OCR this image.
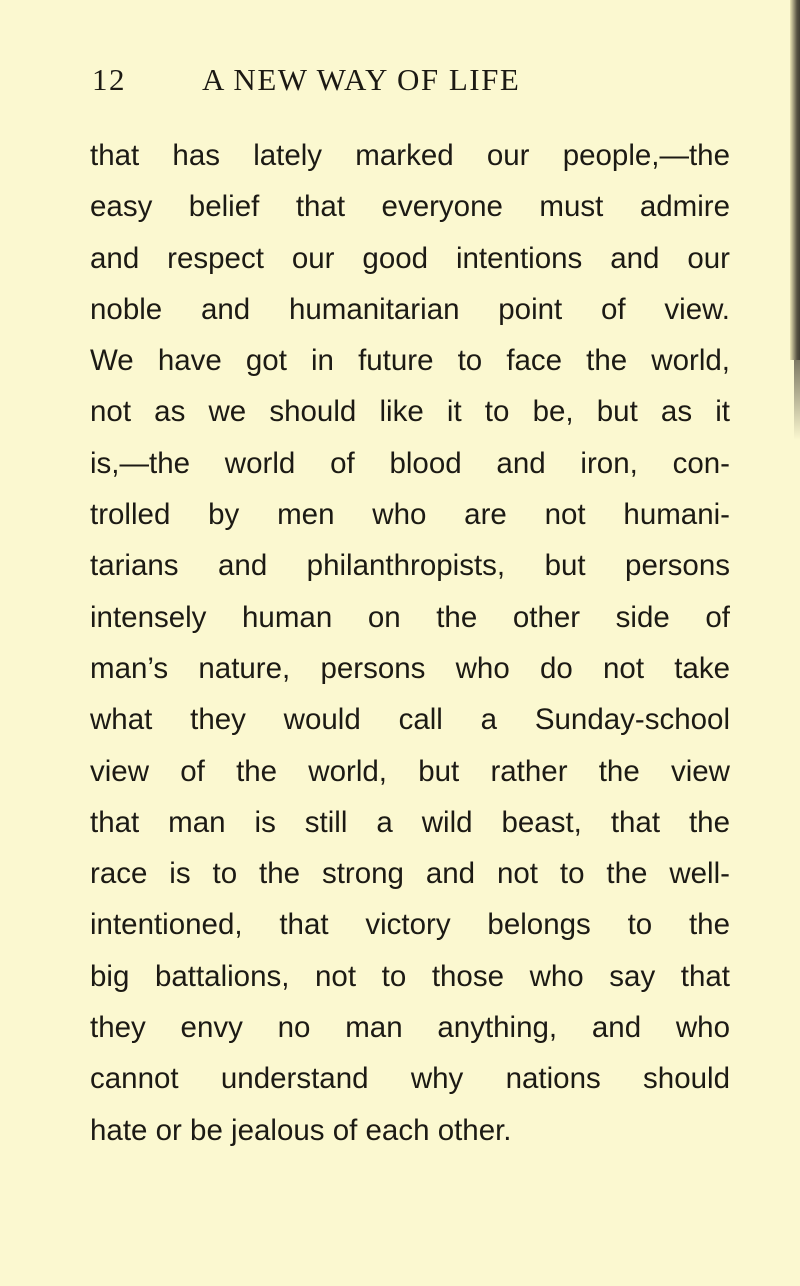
12 A NEW WAY OF LIFE
that has lately marked our people,—the
easy belief that everyone must admire
and respect our good intentions and our
noble and humanitarian point of view.
We have got in future to face the world,
not as we should like it to be, but as it
is,—the world of blood and iron, con-
trolled by men who are not humani-
tarians and philanthropists, but persons
intensely human on the other side of
man’s nature, persons who do not take
what they would call a Sunday-school
view of the world, but rather the view
that man is still a wild beast, that the
race is to the strong and not to the well-
intentioned, that victory belongs to the
big battalions, not to those who say that
they envy no man anything, and who
cannot understand why nations should
hate or be jealous of each other.
